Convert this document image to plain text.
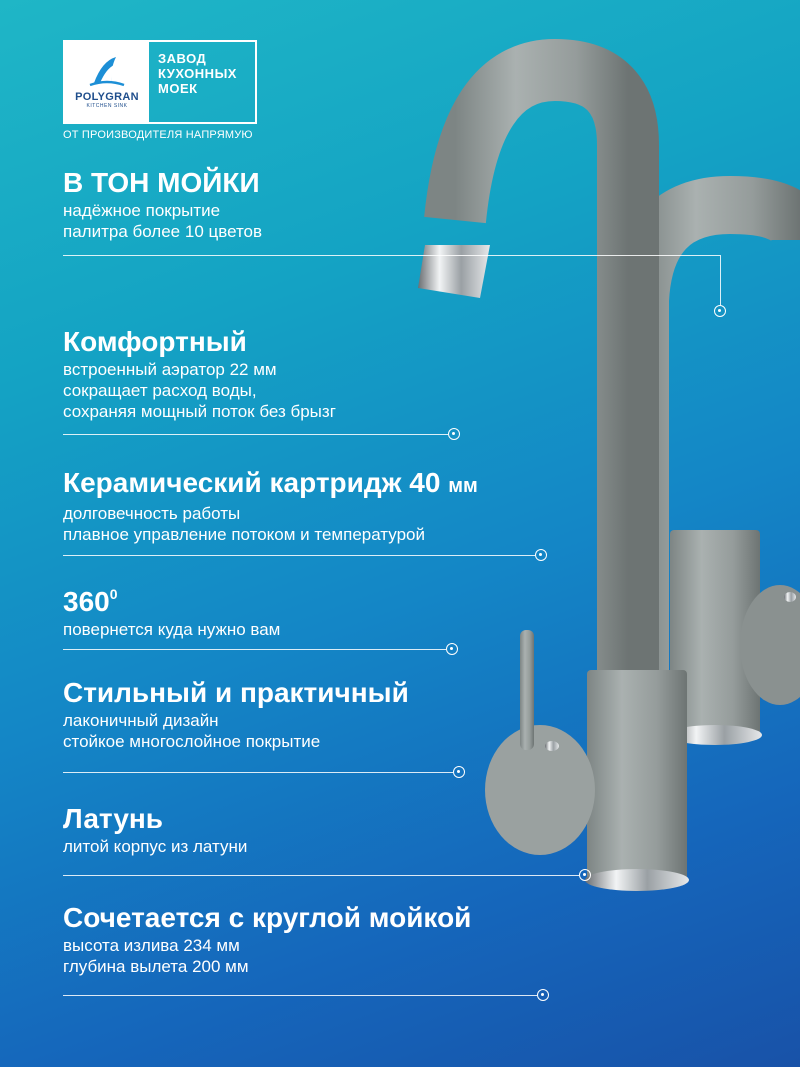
POLYGRAN
KITCHEN SINK
ЗАВОД
КУХОННЫХ
МОЕК
ОТ ПРОИЗВОДИТЕЛЯ НАПРЯМУЮ
В ТОН МОЙКИ
надёжное покрытие
палитра более 10 цветов
Комфортный
встроенный аэратор 22 мм
сокращает расход воды,
сохраняя мощный поток без брызг
Керамический картридж 40 мм
долговечность работы
плавное управление потоком и температурой
$360^0$
повернется куда нужно вам
Стильный и практичный
лаконичный дизайн
стойкое многослойное покрытие
Латунь
литой корпус из латуни
Сочетается с круглой мойкой
высота излива 234 мм
глубина вылета 200 мм
